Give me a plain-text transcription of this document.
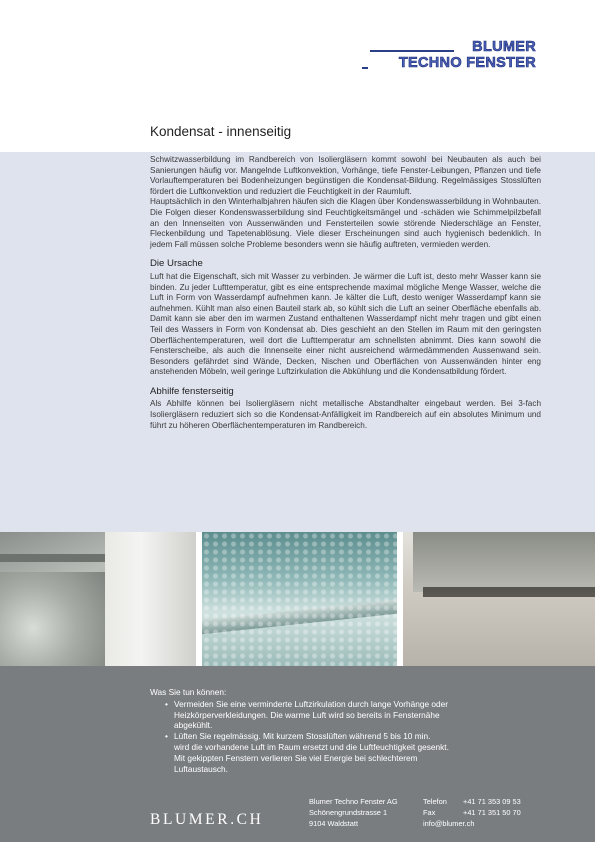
BLUMER
TECHNO FENSTER
Kondensat - innenseitig

Schwitzwasserbildung im Randbereich von Isoliergläsern kommt sowohl bei Neubauten als auch bei Sanierungen häufig vor. Mangelnde Luftkonvektion, Vorhänge, tiefe Fenster-Leibungen, Pflanzen und tiefe Vorlauftemperaturen bei Bodenheizungen begünstigen die Kondensat-Bildung. Regelmässiges Stosslüften fördert die Luftkonvektion und reduziert die Feuchtigkeit in der Raumluft.

Hauptsächlich in den Winterhalbjahren häufen sich die Klagen über Kondenswasserbildung in Wohnbauten. Die Folgen dieser Kondenswasserbildung sind Feuchtigkeitsmängel und -schäden wie Schimmelpilzbefall an den Innenseiten von Aussenwänden und Fensterteilen sowie störende Niederschläge an Fenster, Fleckenbildung und Tapetenablösung. Viele dieser Erscheinungen sind auch hygienisch bedenklich. In jedem Fall müssen solche Probleme besonders wenn sie häufig auftreten, vermieden werden.

Die Ursache

Luft hat die Eigenschaft, sich mit Wasser zu verbinden. Je wärmer die Luft ist, desto mehr Wasser kann sie binden. Zu jeder Lufttemperatur, gibt es eine entsprechende maximal mögliche Menge Wasser, welche die Luft in Form von Wasserdampf aufnehmen kann. Je kälter die Luft, desto weniger Wasserdampf kann sie aufnehmen. Kühlt man also einen Bauteil stark ab, so kühlt sich die Luft an seiner Oberfläche ebenfalls ab. Damit kann sie aber den im warmen Zustand enthaltenen Wasserdampf nicht mehr tragen und gibt einen Teil des Wassers in Form von Kondensat ab. Dies geschieht an den Stellen im Raum mit den geringsten Oberflächentemperaturen, weil dort die Lufttemperatur am schnellsten abnimmt. Dies kann sowohl die Fensterscheibe, als auch die Innenseite einer nicht ausreichend wärmedämmenden Aussenwand sein. Besonders gefährdet sind Wände, Decken, Nischen und Oberflächen von Aussenwänden hinter eng anstehenden Möbeln, weil geringe Luftzirkulation die Abkühlung und die Kondensatbildung fördert.

Abhilfe fensterseitig

Als Abhilfe können bei Isoliergläsern nicht metallische Abstandhalter eingebaut werden. Bei 3-fach Isoliergläsern reduziert sich so die Kondensat-Anfälligkeit im Randbereich auf ein absolutes Minimum und führt zu höheren Oberflächentemperaturen im Randbereich.

Was Sie tun können:
• Vermeiden Sie eine verminderte Luftzirkulation durch lange Vorhänge oder
Heizkörperverkleidungen. Die warme Luft wird so bereits in Fensternähe
abgekühlt.
• Lüften Sie regelmässig. Mit kurzem Stosslüften während 5 bis 10 min.
wird die vorhandene Luft im Raum ersetzt und die Luftfeuchtigkeit gesenkt.
Mit gekippten Fenstern verlieren Sie viel Energie bei schlechterem
Luftaustausch.
BLUMER.CH
Blumer Techno Fenster AG
Schönengrundstrasse 1
9104 Waldstatt
Telefon
Fax
+41 71 353 09 53
+41 71 351 50 70
info@blumer.ch
